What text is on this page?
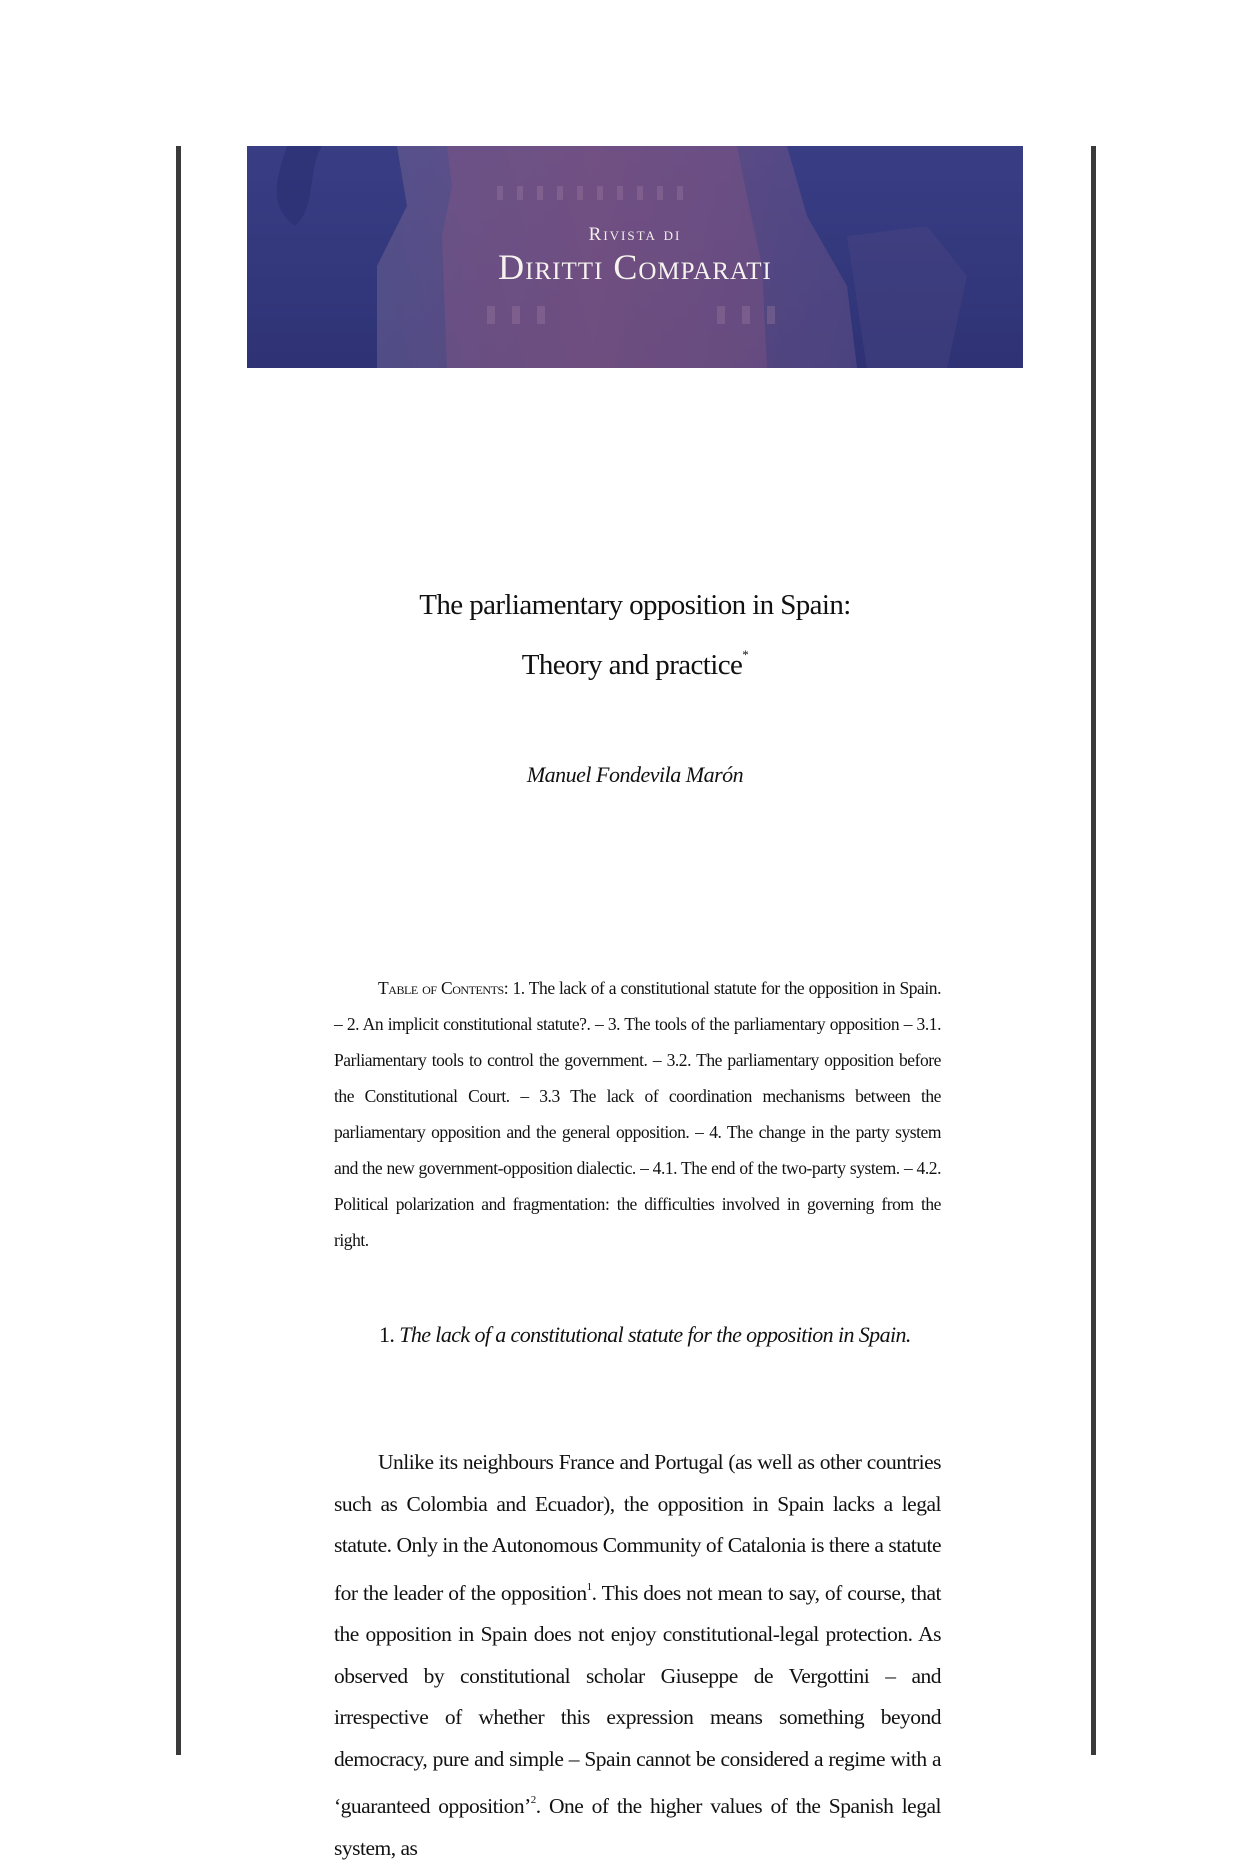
Rivista di
Diritti Comparati
The parliamentary opposition in Spain:
Theory and practice*
Manuel Fondevila Marón
Table of Contents: 1. The lack of a constitutional statute for the opposition in Spain. – 2. An implicit constitutional statute?. – 3. The tools of the parliamentary opposition – 3.1. Parliamentary tools to control the government. – 3.2. The parliamentary opposition before the Constitutional Court. – 3.3 The lack of coordination mechanisms between the parliamentary opposition and the general opposition. – 4. The change in the party system and the new government-opposition dialectic. – 4.1. The end of the two-party system. – 4.2. Political polarization and fragmentation: the difficulties involved in governing from the right.
1. The lack of a constitutional statute for the opposition in Spain.
Unlike its neighbours France and Portugal (as well as other countries such as Colombia and Ecuador), the opposition in Spain lacks a legal statute. Only in the Autonomous Community of Catalonia is there a statute for the leader of the opposition$^1$. This does not mean to say, of course, that the opposition in Spain does not enjoy constitutional-legal protection. As observed by constitutional scholar Giuseppe de Vergottini – and irrespective of whether this expression means something beyond democracy, pure and simple – Spain cannot be considered a regime with a ‘guaranteed opposition’$^2$. One of the higher values of the Spanish legal system, as
